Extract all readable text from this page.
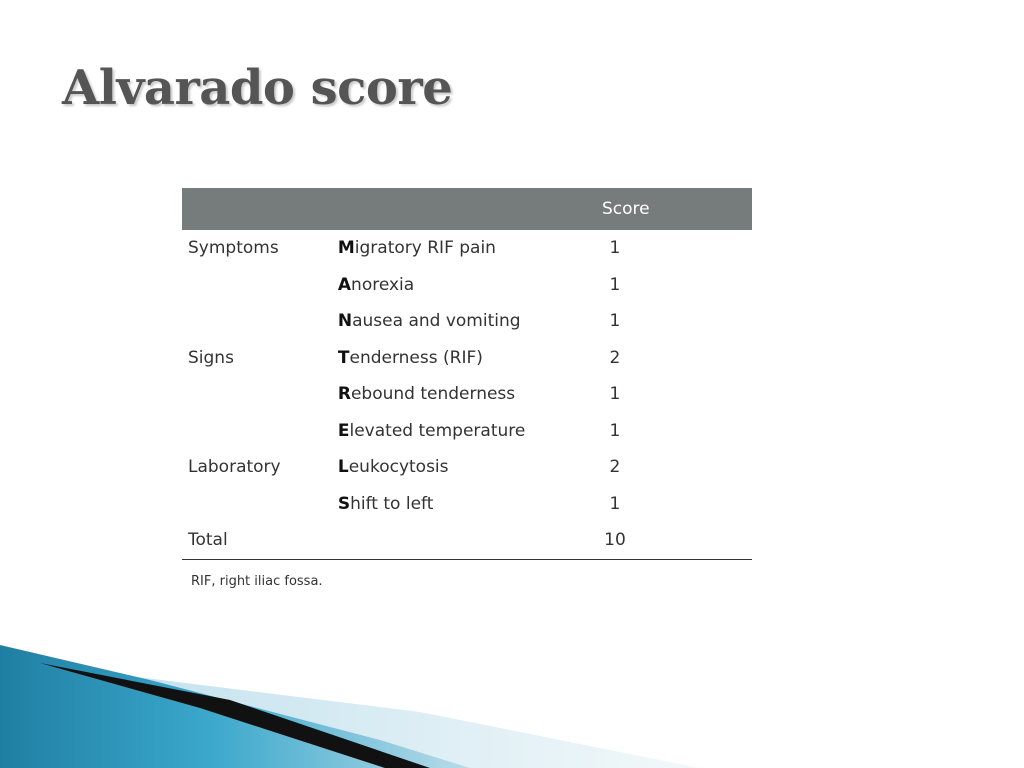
Alvarado score
		Score
Symptoms	Migratory RIF pain	1
	Anorexia	1
	Nausea and vomiting	1
Signs	Tenderness (RIF)	2
	Rebound tenderness	1
	Elevated temperature	1
Laboratory	Leukocytosis	2
	Shift to left	1
Total		10
RIF, right iliac fossa.
